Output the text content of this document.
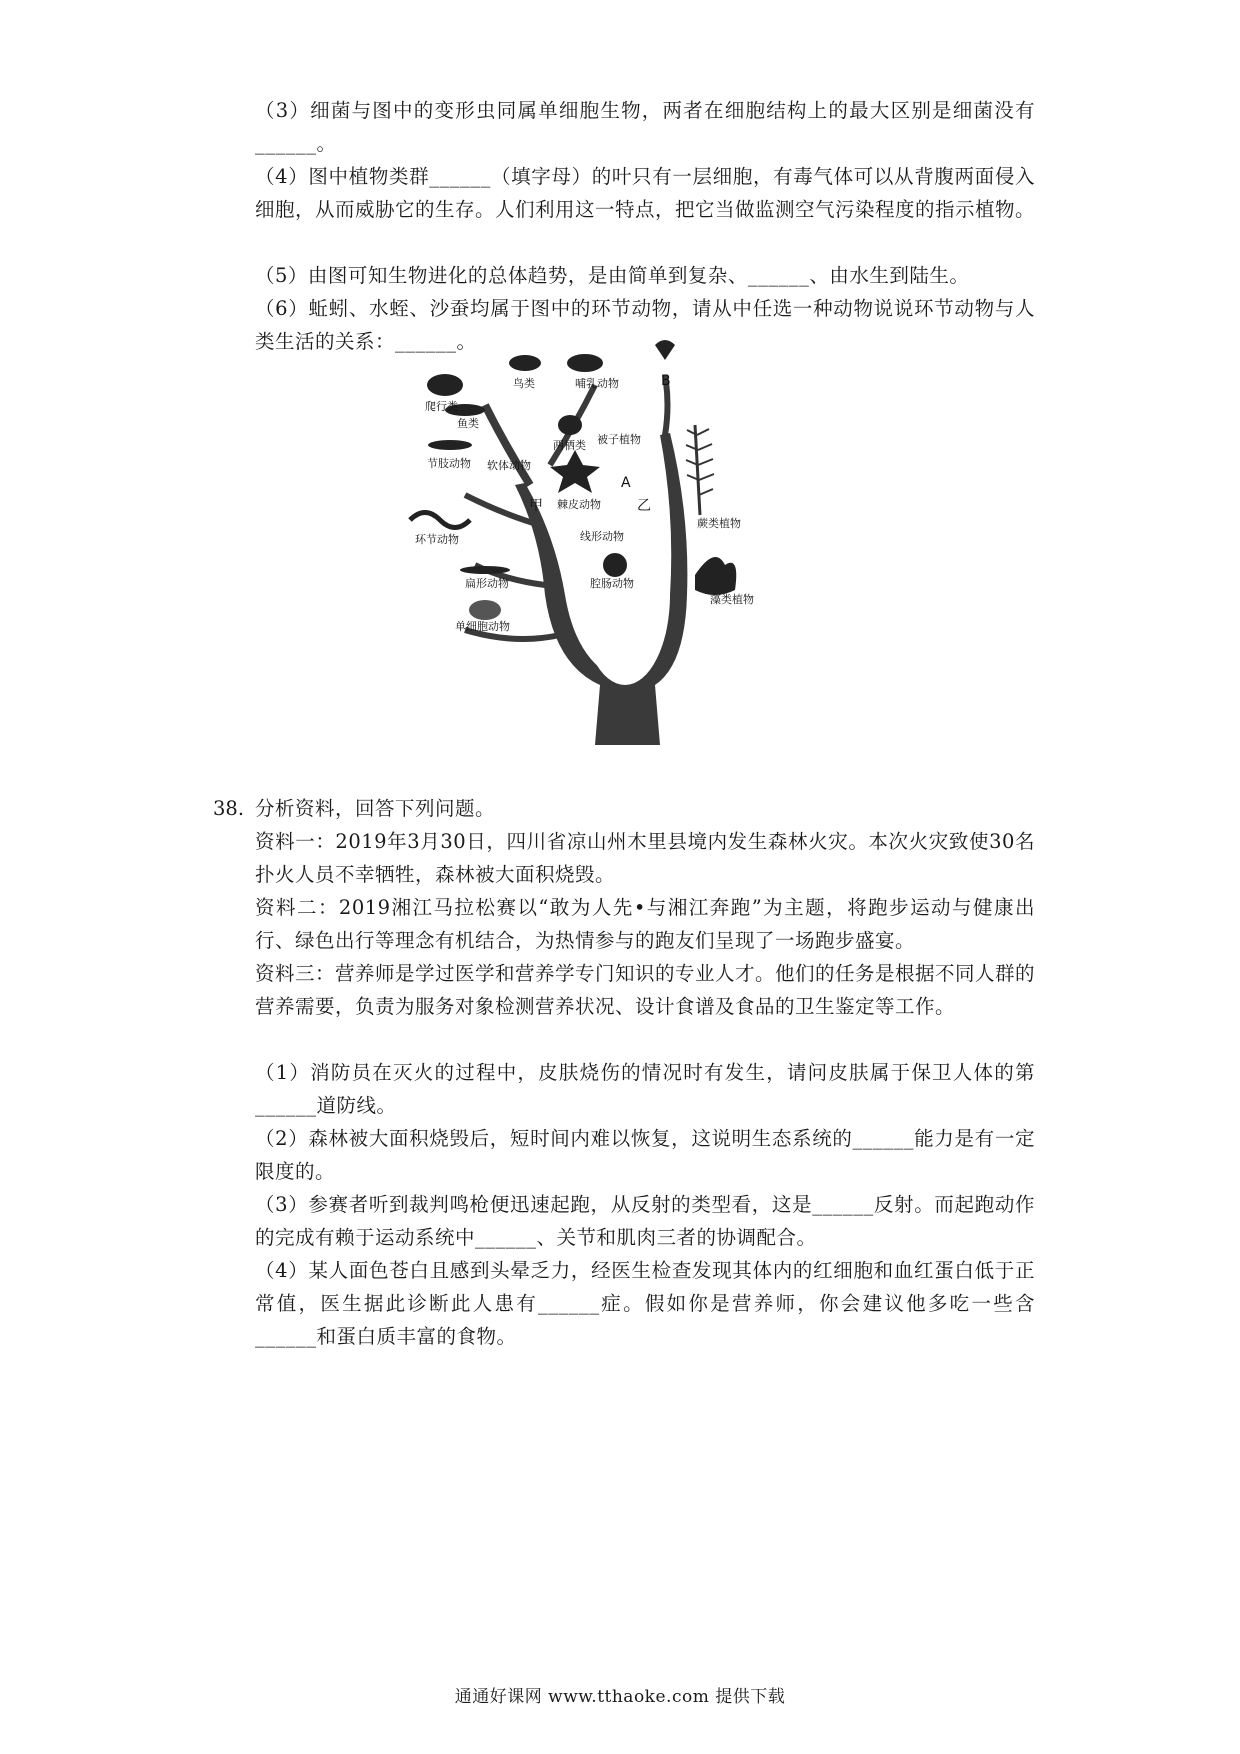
（3）细菌与图中的变形虫同属单细胞生物，两者在细胞结构上的最大区别是细菌没有______。
（4）图中植物类群______（填字母）的叶只有一层细胞，有毒气体可以从背腹两面侵入细胞，从而威胁它的生存。人们利用这一特点，把它当做监测空气污染程度的指示植物。
（5）由图可知生物进化的总体趋势，是由简单到复杂、______、由水生到陆生。
（6）蚯蚓、水蛭、沙蚕均属于图中的环节动物，请从中任选一种动物说说环节动物与人类生活的关系：______。
爬行类
鸟类	哺乳动物
鱼类
两栖类 被子植物
节肢动物 软体动物
棘皮动物
蕨类植物
环节动物	线形动物
扁形动物	腔肠动物
藻类植物
单细胞动物
B
A
甲	乙
38. 分析资料，回答下列问题。
资料一：2019年3月30日，四川省凉山州木里县境内发生森林火灾。本次火灾致使30名扑火人员不幸牺牲，森林被大面积烧毁。
资料二：2019湘江马拉松赛以“敢为人先•与湘江奔跑”为主题，将跑步运动与健康出行、绿色出行等理念有机结合，为热情参与的跑友们呈现了一场跑步盛宴。
资料三：营养师是学过医学和营养学专门知识的专业人才。他们的任务是根据不同人群的营养需要，负责为服务对象检测营养状况、设计食谱及食品的卫生鉴定等工作。
（1）消防员在灭火的过程中，皮肤烧伤的情况时有发生，请问皮肤属于保卫人体的第______道防线。
（2）森林被大面积烧毁后，短时间内难以恢复，这说明生态系统的______能力是有一定限度的。
（3）参赛者听到裁判鸣枪便迅速起跑，从反射的类型看，这是______反射。而起跑动作的完成有赖于运动系统中______、关节和肌肉三者的协调配合。
（4）某人面色苍白且感到头晕乏力，经医生检查发现其体内的红细胞和血红蛋白低于正常值，医生据此诊断此人患有______症。假如你是营养师，你会建议他多吃一些含______和蛋白质丰富的食物。
通通好课网 www.tthaoke.com 提供下载
